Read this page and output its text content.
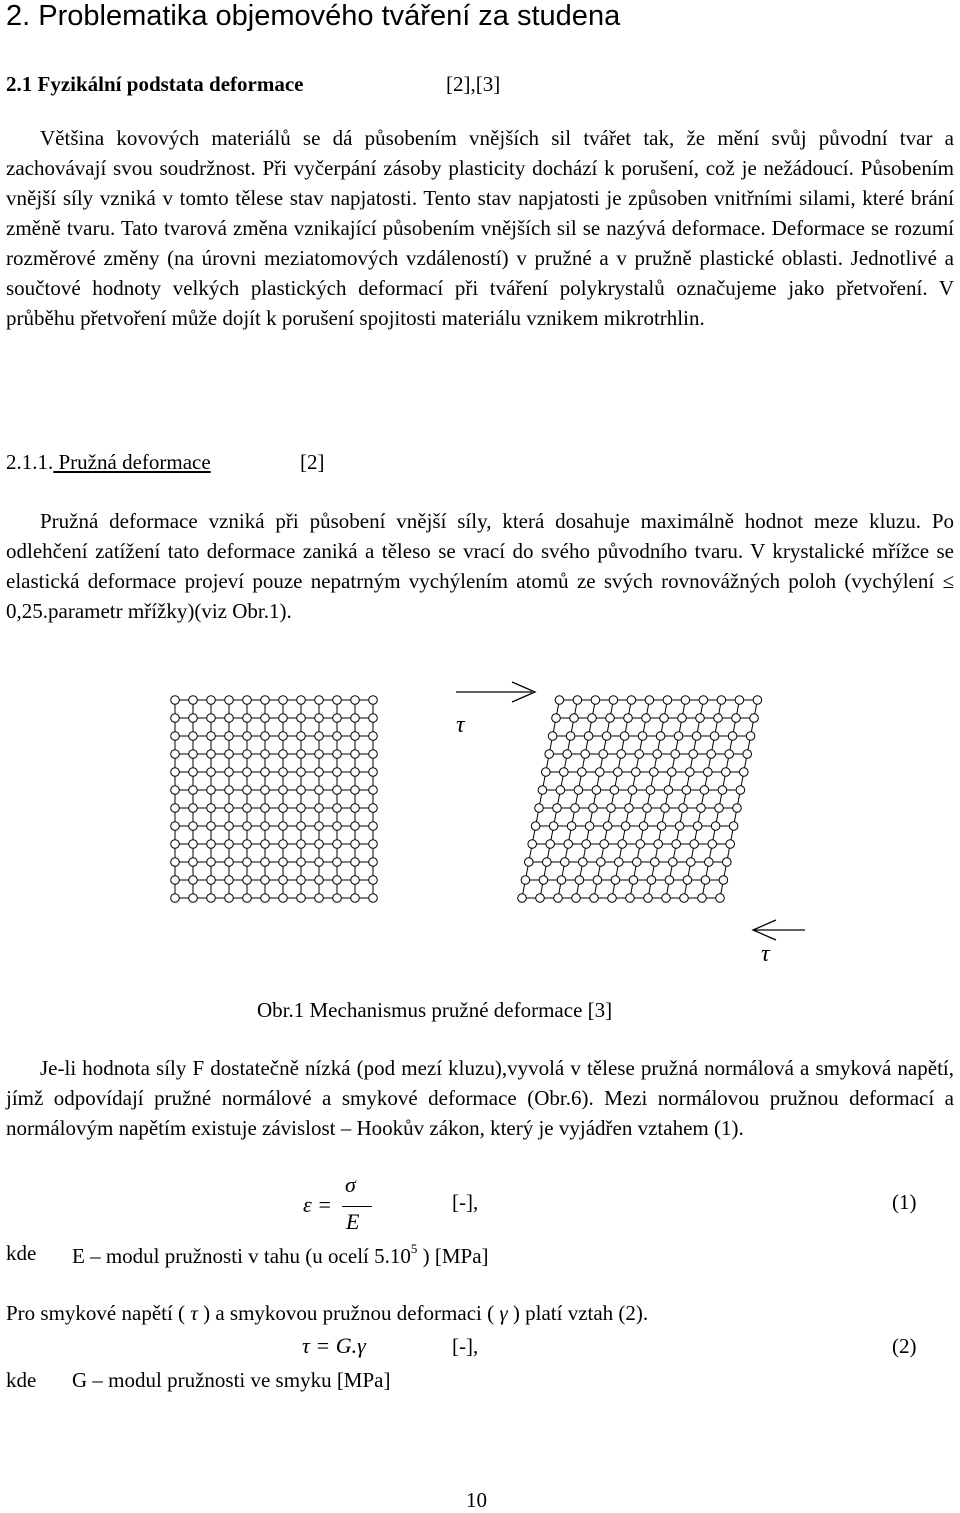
2. Problematika objemového tváření za studena
2.1 Fyzikální podstata deformace	[2],[3]

Většina kovových materiálů se dá působením vnějších sil tvářet tak, že mění svůj původní tvar a zachovávají svou soudržnost. Při vyčerpání zásoby plasticity dochází k porušení, což je nežádoucí. Působením vnější síly vzniká v tomto tělese stav napjatosti. Tento stav napjatosti je způsoben vnitřními silami, které brání změně tvaru. Tato tvarová změna vznikající působením vnějších sil se nazývá deformace. Deformace se rozumí rozměrové změny (na úrovni meziatomových vzdáleností) v pružné a v pružně plastické oblasti. Jednotlivé a součtové hodnoty velkých plastických deformací při tváření polykrystalů označujeme jako přetvoření. V průběhu přetvoření může dojít k porušení spojitosti materiálu vznikem mikrotrhlin.

2.1.1. Pružná deformace	[2]

Pružná deformace vzniká při působení vnější síly, která dosahuje maximálně hodnot meze kluzu. Po odlehčení zatížení tato deformace zaniká a těleso se vrací do svého původního tvaru. V krystalické mřížce se elastická deformace projeví pouze nepatrným vychýlením atomů ze svých rovnovážných poloh (vychýlení ≤ 0,25.parametr mřížky)(viz Obr.1).

τ
τ
Obr.1 Mechanismus pružné deformace [3]

Je-li hodnota síly F dostatečně nízká (pod mezí kluzu),vyvolá v tělese pružná normálová a smyková napětí, jímž odpovídají pružné normálové a smykové deformace (Obr.6). Mezi normálovou pružnou deformací a normálovým napětím existuje závislost – Hookův zákon, který je vyjádřen vztahem (1).

ε =
σ
E
[-],	(1)
kde E – modul pružnosti v tahu (u ocelí 5.10$^5$ ) [MPa]
Pro smykové napětí ( τ ) a smykovou pružnou deformaci ( γ ) platí vztah (2).
τ = G.γ	[-],	(2)
kde G – modul pružnosti ve smyku [MPa]
10
